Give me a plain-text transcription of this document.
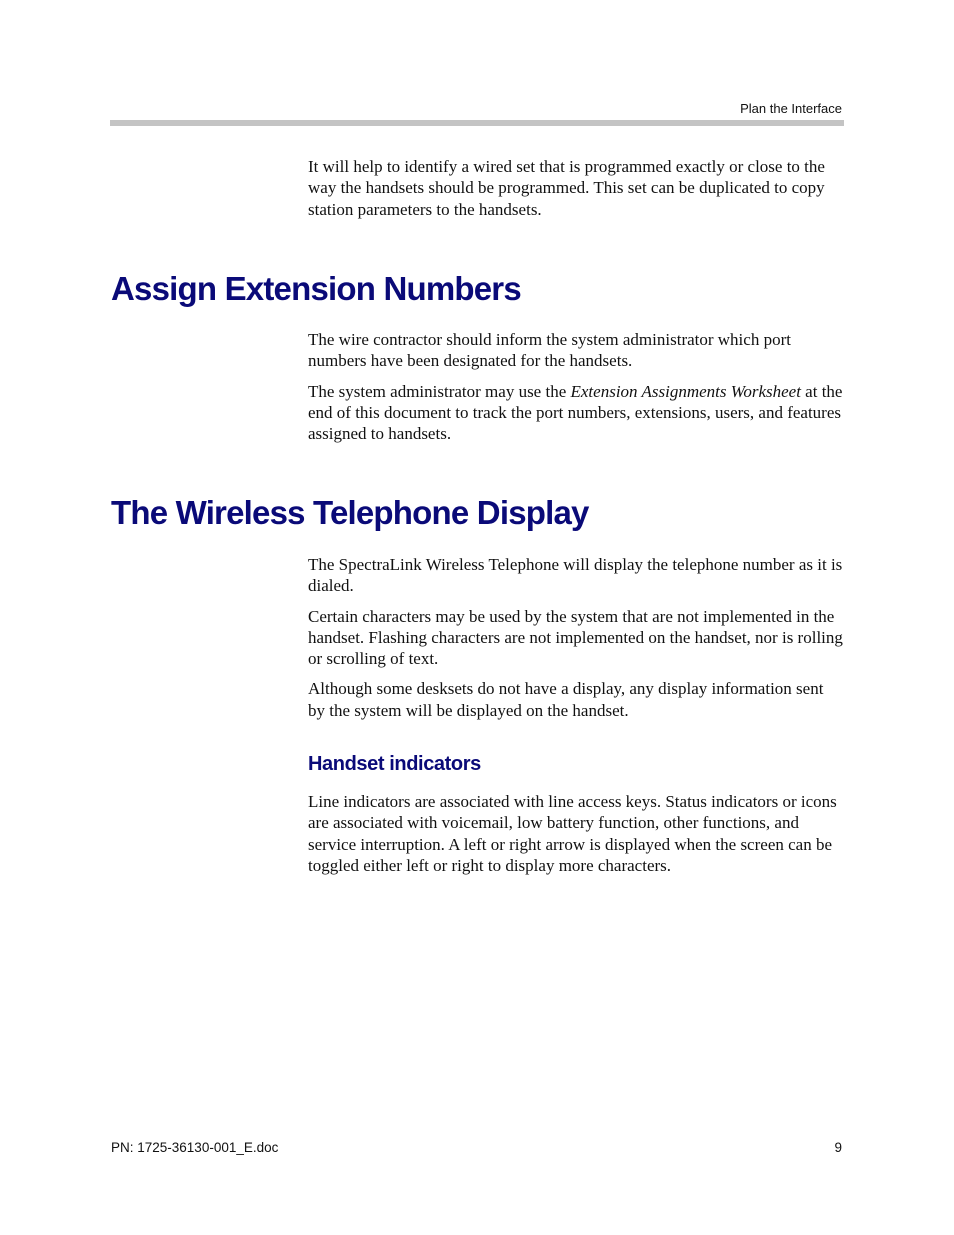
Plan the Interface

It will help to identify a wired set that is programmed exactly or close to the way the handsets should be programmed. This set can be duplicated to copy station parameters to the handsets.

Assign Extension Numbers

The wire contractor should inform the system administrator which port numbers have been designated for the handsets.

The system administrator may use the Extension Assignments Worksheet at the end of this document to track the port numbers, extensions, users, and features assigned to handsets.

The Wireless Telephone Display

The SpectraLink Wireless Telephone will display the telephone number as it is dialed.

Certain characters may be used by the system that are not implemented in the handset. Flashing characters are not implemented on the handset, nor is rolling or scrolling of text.

Although some desksets do not have a display, any display information sent by the system will be displayed on the handset.

Handset indicators

Line indicators are associated with line access keys. Status indicators or icons are associated with voicemail, low battery function, other functions, and service interruption. A left or right arrow is displayed when the screen can be toggled either left or right to display more characters.

PN: 1725-36130-001_E.doc	9
